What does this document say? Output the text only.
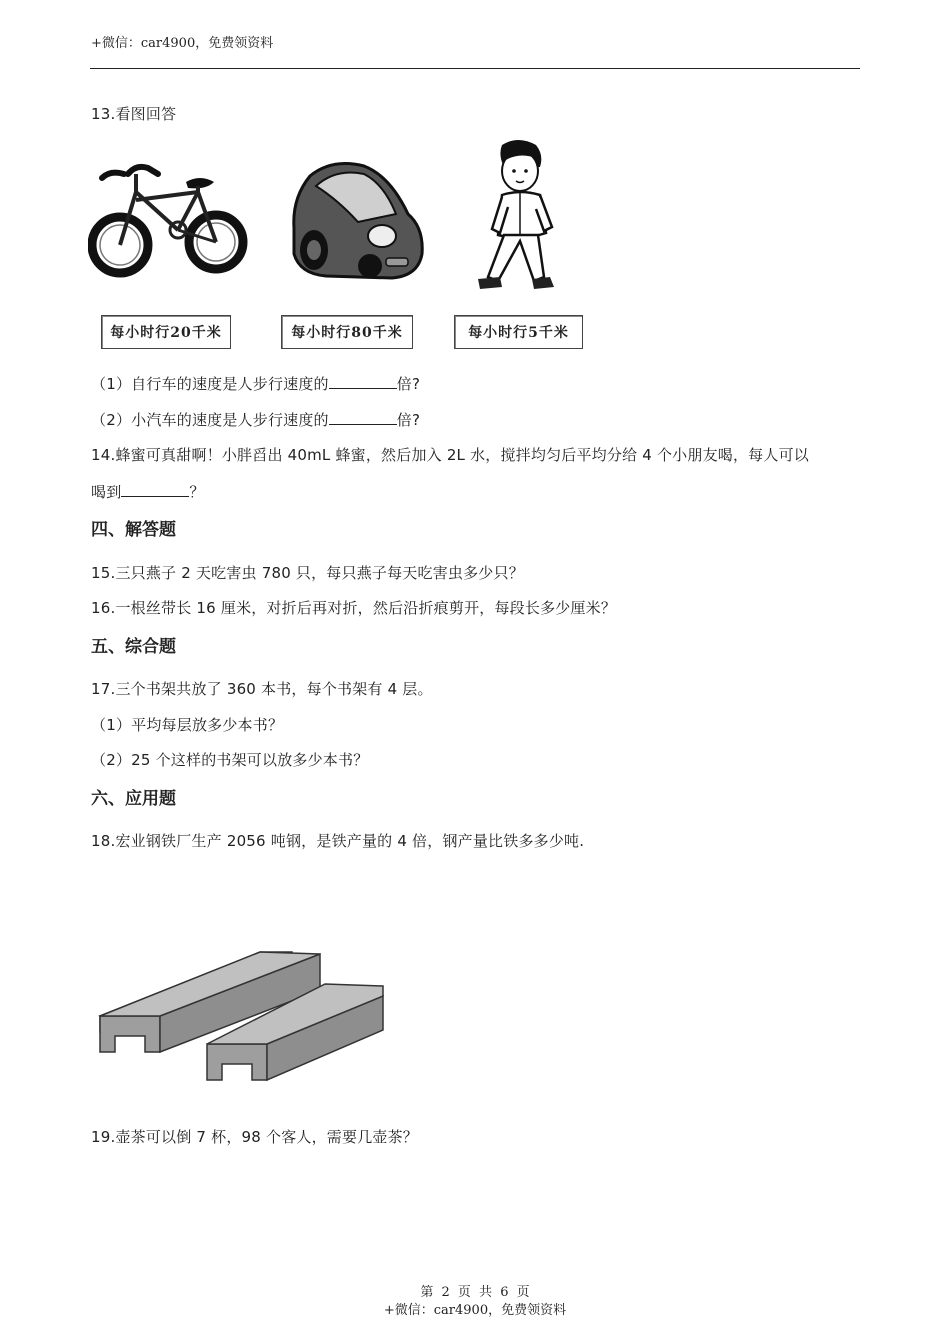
+微信：car4900，免费领资料
13.看图回答
每小时行20千米	每小时行80千米	每小时行5千米
（1）自行车的速度是人步行速度的	倍?
（2）小汽车的速度是人步行速度的	倍?
14.蜂蜜可真甜啊！小胖舀出 40mL 蜂蜜，然后加入 2L 水，搅拌均匀后平均分给 4 个小朋友喝，每人可以
喝到	？
四、解答题
15.三只燕子 2 天吃害虫 780 只，每只燕子每天吃害虫多少只？
16.一根丝带长 16 厘米，对折后再对折，然后沿折痕剪开，每段长多少厘米？
五、综合题
17.三个书架共放了 360 本书，每个书架有 4 层。
（1）平均每层放多少本书？
（2）25 个这样的书架可以放多少本书？
六、应用题
18.宏业钢铁厂生产 2056 吨钢，是铁产量的 4 倍，钢产量比铁多多少吨.
19.壶茶可以倒 7 杯，98 个客人，需要几壶茶？
第 2 页 共 6 页
+微信：car4900，免费领资料
